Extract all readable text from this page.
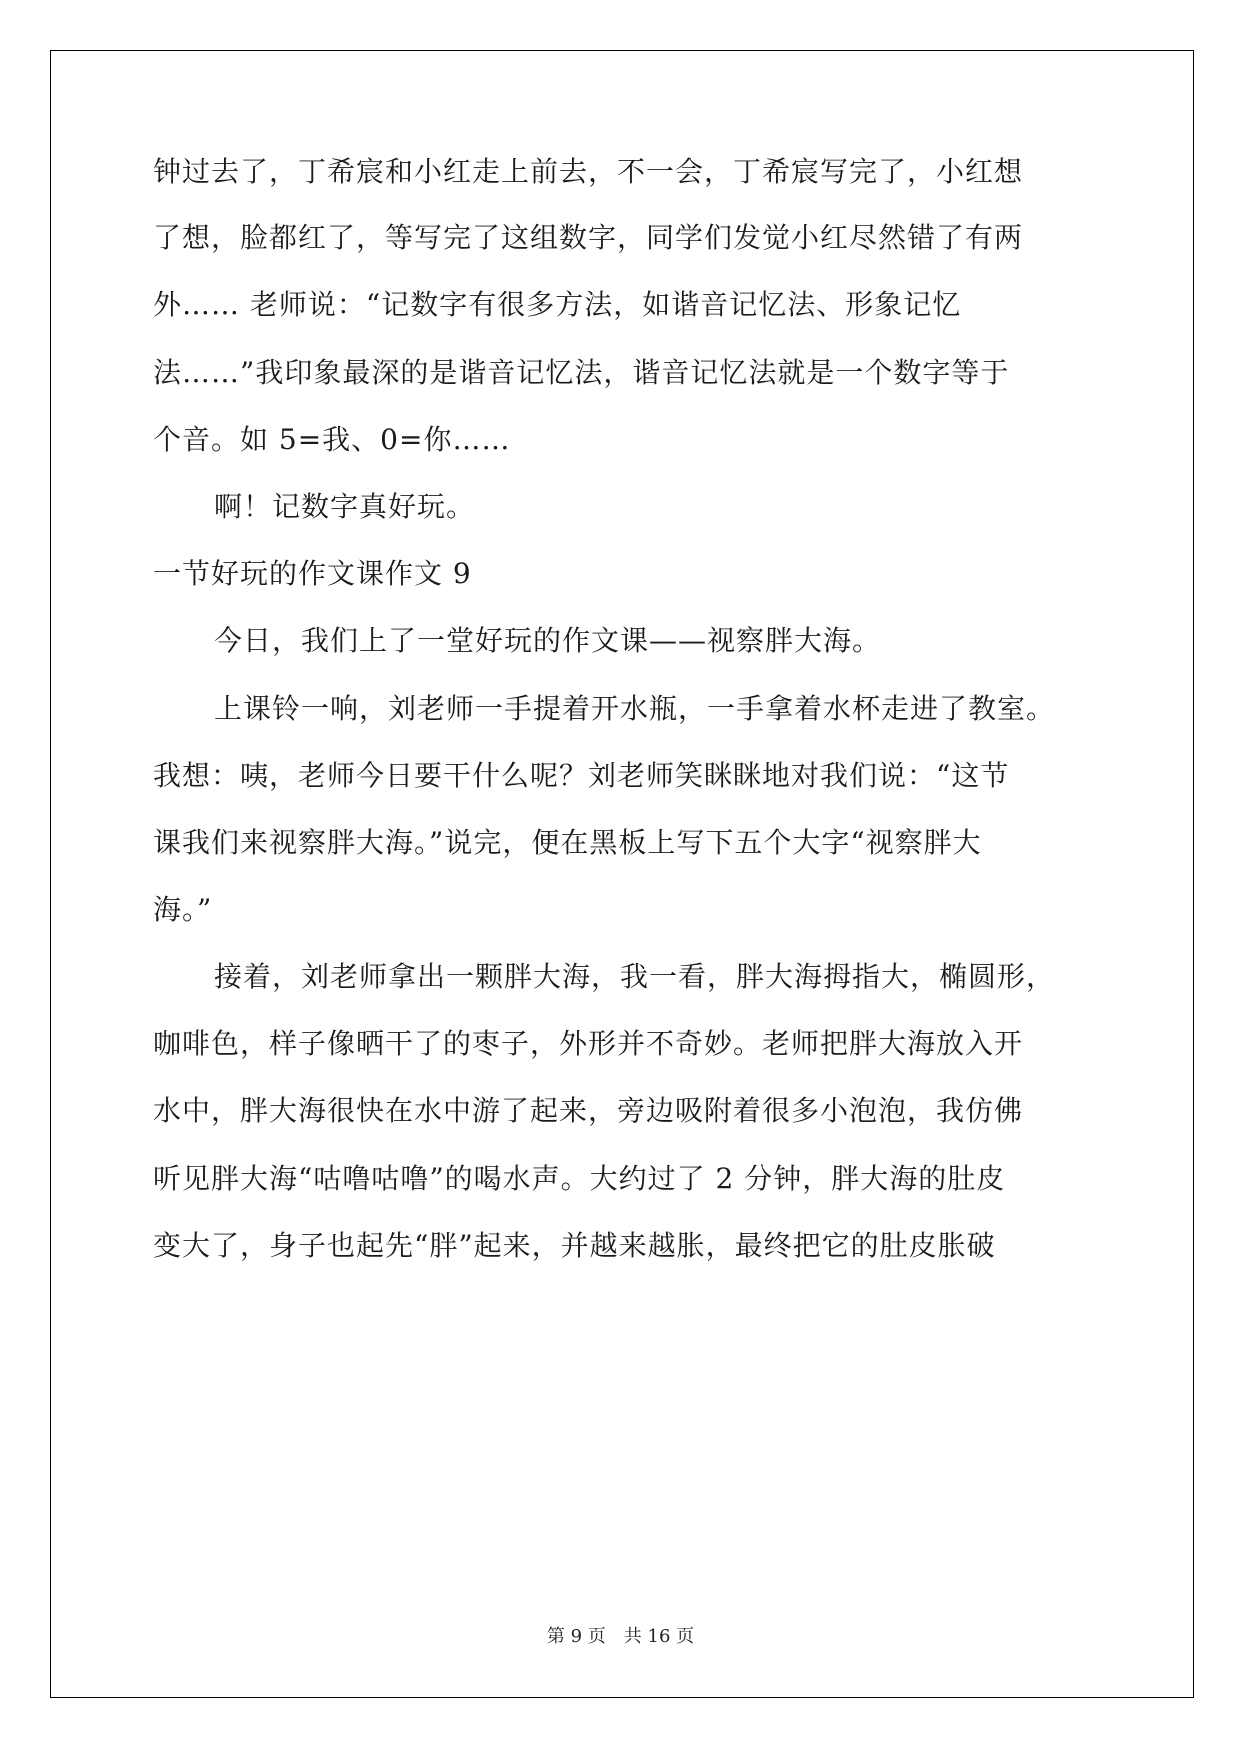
钟过去了，丁希宸和小红走上前去，不一会，丁希宸写完了，小红想
了想，脸都红了，等写完了这组数字，同学们发觉小红尽然错了有两
外…… 老师说：“记数字有很多方法，如谐音记忆法、形象记忆
法……”我印象最深的是谐音记忆法，谐音记忆法就是一个数字等于
个音。如 5=我、0=你……
啊！记数字真好玩。
一节好玩的作文课作文 9
今日，我们上了一堂好玩的作文课——视察胖大海。
上课铃一响，刘老师一手提着开水瓶，一手拿着水杯走进了教室。
我想：咦，老师今日要干什么呢？刘老师笑眯眯地对我们说：“这节
课我们来视察胖大海。”说完，便在黑板上写下五个大字“视察胖大
海。”
接着，刘老师拿出一颗胖大海，我一看，胖大海拇指大，椭圆形，
咖啡色，样子像晒干了的枣子，外形并不奇妙。老师把胖大海放入开
水中，胖大海很快在水中游了起来，旁边吸附着很多小泡泡，我仿佛
听见胖大海“咕噜咕噜”的喝水声。大约过了 2 分钟，胖大海的肚皮
变大了，身子也起先“胖”起来，并越来越胀，最终把它的肚皮胀破
第 9 页　共 16 页
